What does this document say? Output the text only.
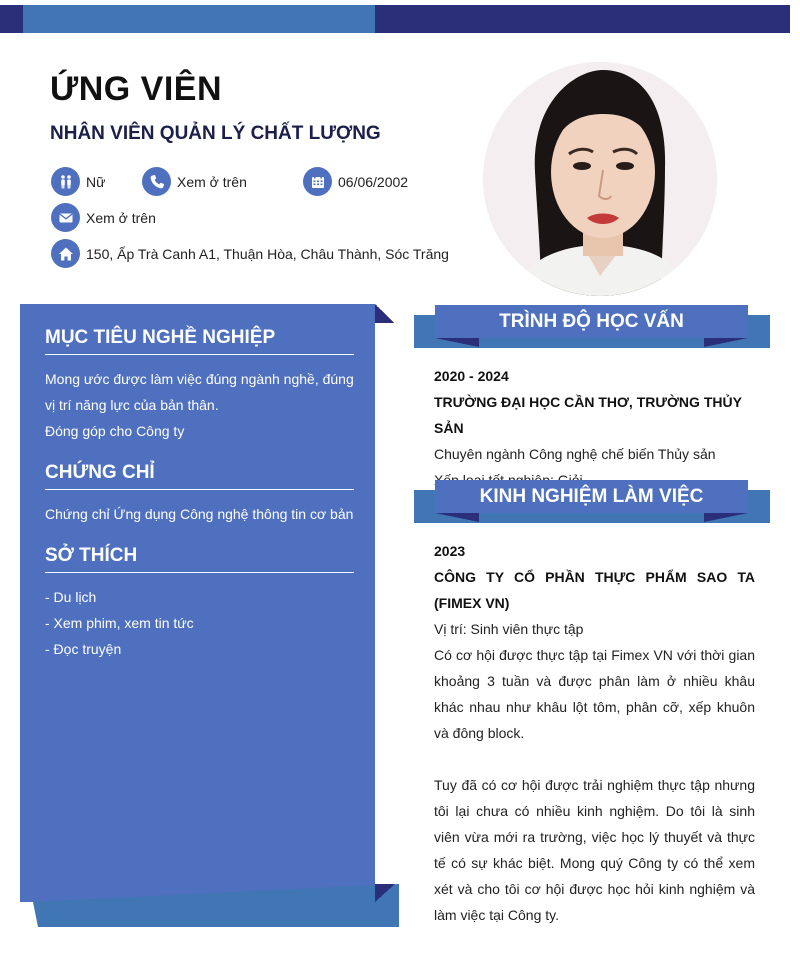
ỨNG VIÊN
NHÂN VIÊN QUẢN LÝ CHẤT LƯỢNG
Nữ	Xem ở trên	06/06/2002
Xem ở trên
150, Ấp Trà Canh A1, Thuận Hòa, Châu Thành, Sóc Trăng
MỤC TIÊU NGHỀ NGHIỆP
Mong ước được làm việc đúng ngành nghề, đúng
vị trí năng lực của bản thân.
Đóng góp cho Công ty
CHỨNG CHỈ
Chứng chỉ Ứng dụng Công nghệ thông tin cơ bản
SỞ THÍCH
- Du lịch
- Xem phim, xem tin tức
- Đọc truyện
TRÌNH ĐỘ HỌC VẤN
2020 - 2024
TRƯỜNG ĐẠI HỌC CẦN THƠ, TRƯỜNG THỦY SẢN
Chuyên ngành Công nghệ chế biến Thủy sản
KINH NGHIỆM LÀM VIỆC
2023
CÔNG TY CỔ PHẦN THỰC PHẨM SAO TA (FIMEX VN)
Vị trí: Sinh viên thực tập
Có cơ hội được thực tập tại Fimex VN với thời gian khoảng 3 tuần và được phân làm ở nhiều khâu khác nhau như khâu lột tôm, phân cỡ, xếp khuôn và đông block.
Tuy đã có cơ hội được trải nghiệm thực tập nhưng tôi lại chưa có nhiều kinh nghiệm. Do tôi là sinh viên vừa mới ra trường, việc học lý thuyết và thực tế có sự khác biệt. Mong quý Công ty có thể xem xét và cho tôi cơ hội được học hỏi kinh nghiệm và làm việc tại Công ty.
